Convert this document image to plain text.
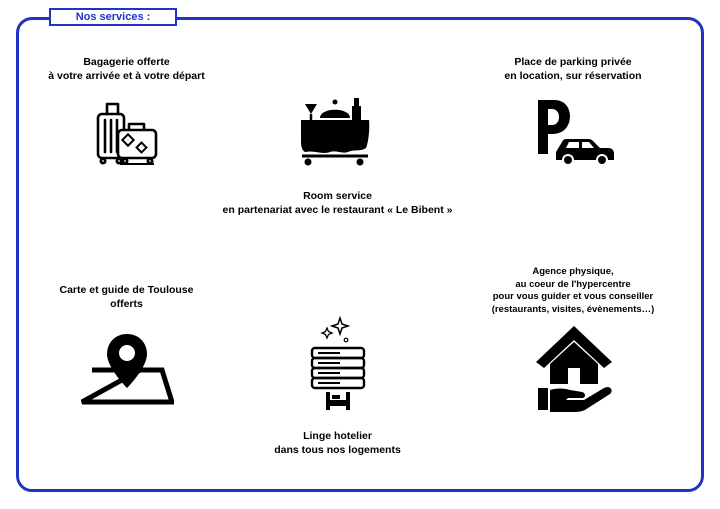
Nos services :
Bagagerie offerte
à votre arrivée et à votre départ
Room service
en partenariat avec le restaurant « Le Bibent »
Place de parking privée
en location, sur réservation
Carte et guide de Toulouse
offerts
Linge hotelier
dans tous nos logements
Agence physique,
au coeur de l'hypercentre
pour vous guider et vous conseiller
(restaurants, visites, évènements…)
